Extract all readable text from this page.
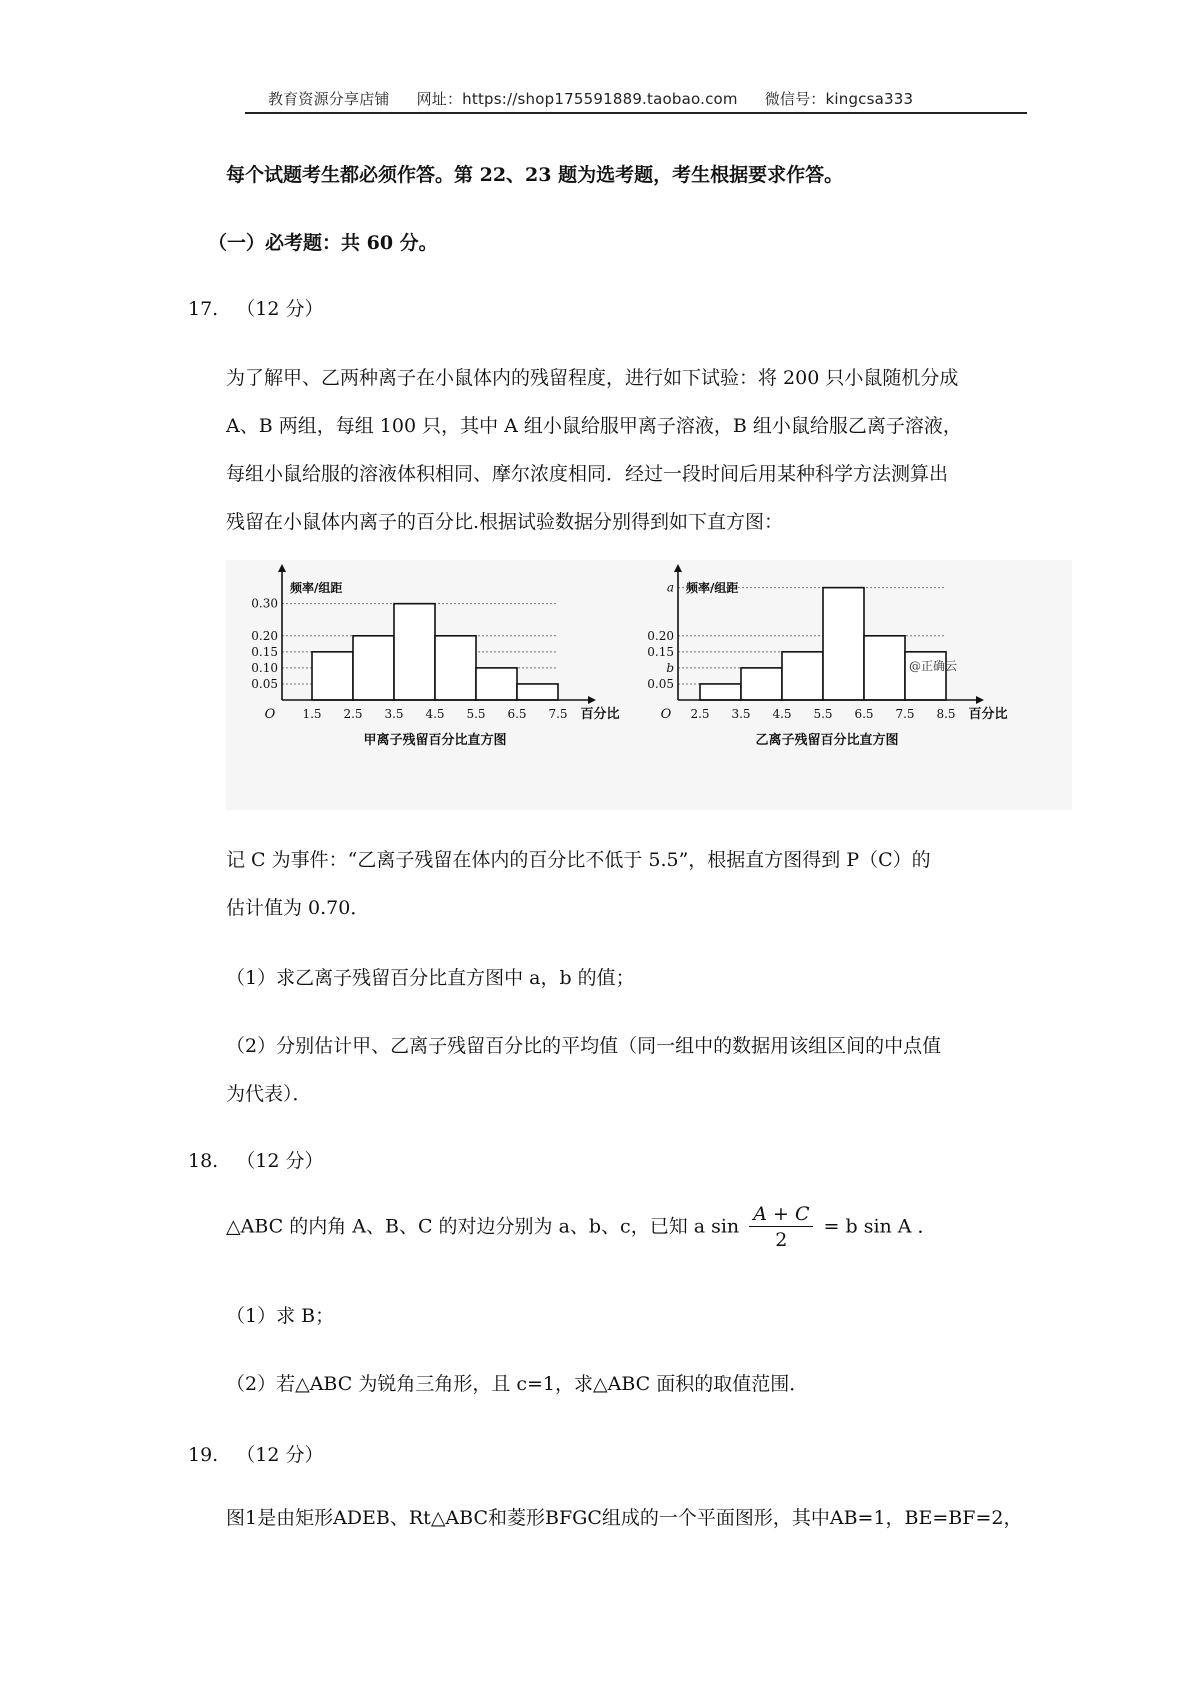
教育资源分享店铺 网址：https://shop175591889.taobao.com 微信号：kingcsa333
每个试题考生都必须作答。第 22、23 题为选考题，考生根据要求作答。
（一）必考题：共 60 分。
17. （12 分）
为了解甲、乙两种离子在小鼠体内的残留程度，进行如下试验：将 200 只小鼠随机分成
A、B 两组，每组 100 只，其中 A 组小鼠给服甲离子溶液，B 组小鼠给服乙离子溶液，
每组小鼠给服的溶液体积相同、摩尔浓度相同．经过一段时间后用某种科学方法测算出
残留在小鼠体内离子的百分比.根据试验数据分别得到如下直方图：
0.30
0.20
0.15
0.10
0.05
1.5 2.5 3.5 4.5 5.5 6.5 7.5
O	百分比
频率/组距
甲离子残留百分比直方图
a
0.20
0.15
b
0.05
2.5 3.5 4.5 5.5 6.5 7.5 8.5
O	百分比
频率/组距
乙离子残留百分比直方图
@正确云
记 C 为事件：“乙离子残留在体内的百分比不低于 5.5”，根据直方图得到 P（C）的
估计值为 0.70．
（1）求乙离子残留百分比直方图中 a，b 的值；
（2）分别估计甲、乙离子残留百分比的平均值（同一组中的数据用该组区间的中点值
为代表）．
18. （12 分）
△ABC 的内角 A、B、C 的对边分别为 a、b、c，已知 a $\sin \frac{A + C}{2} = b$ sin A ．
（1）求 B；
（2）若△ABC 为锐角三角形，且 c=1，求△ABC 面积的取值范围．
19. （12 分）
图1是由矩形ADEB、Rt△ABC和菱形BFGC组成的一个平面图形，其中AB=1，BE=BF=2，
